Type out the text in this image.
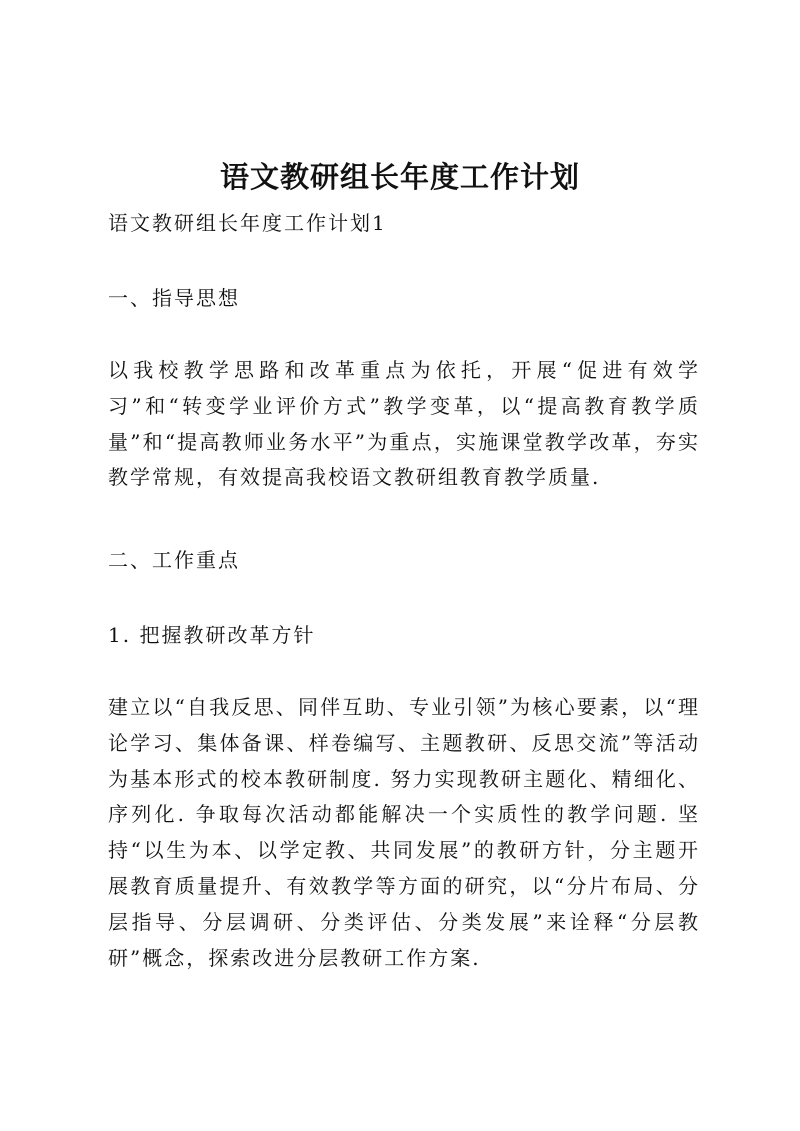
语文教研组长年度工作计划

语文教研组长年度工作计划1

一、指导思想

以我校教学思路和改革重点为依托，开展“促进有效学习”和“转变学业评价方式”教学变革，以“提高教育教学质量”和“提高教师业务水平”为重点，实施课堂教学改革，夯实教学常规，有效提高我校语文教研组教育教学质量.

二、工作重点

1. 把握教研改革方针

建立以“自我反思、同伴互助、专业引领”为核心要素，以“理论学习、集体备课、样卷编写、主题教研、反思交流”等活动为基本形式的校本教研制度. 努力实现教研主题化、精细化、序列化. 争取每次活动都能解决一个实质性的教学问题. 坚持“以生为本、以学定教、共同发展”的教研方针，分主题开展教育质量提升、有效教学等方面的研究，以“分片布局、分层指导、分层调研、分类评估、分类发展”来诠释“分层教研”概念，探索改进分层教研工作方案.
